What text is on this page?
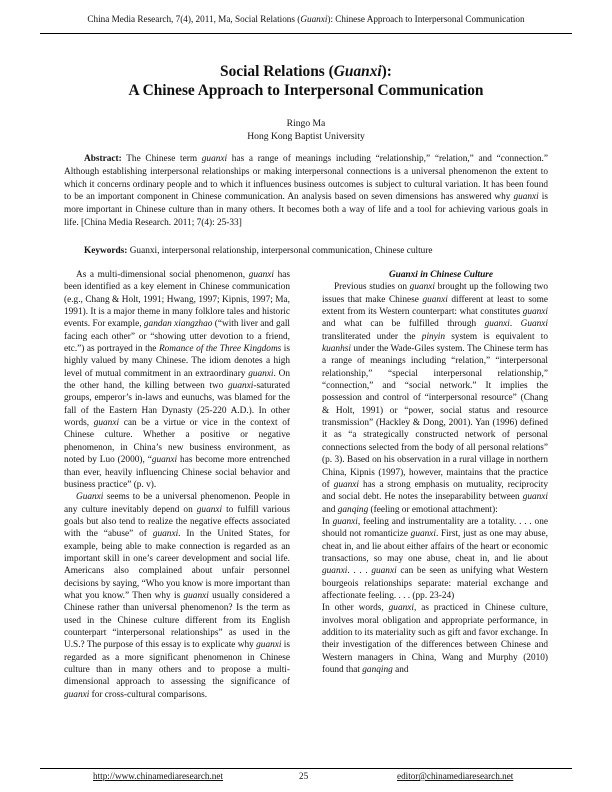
China Media Research, 7(4), 2011, Ma, Social Relations (Guanxi): Chinese Approach to Interpersonal Communication
Social Relations (Guanxi):
A Chinese Approach to Interpersonal Communication
Ringo Ma
Hong Kong Baptist University

Abstract: The Chinese term guanxi has a range of meanings including “relationship,” “relation,” and “connection.” Although establishing interpersonal relationships or making interpersonal connections is a universal phenomenon the extent to which it concerns ordinary people and to which it influences business outcomes is subject to cultural variation. It has been found to be an important component in Chinese communication. An analysis based on seven dimensions has answered why guanxi is more important in Chinese culture than in many others. It becomes both a way of life and a tool for achieving various goals in life. [China Media Research. 2011; 7(4): 25-33]

Keywords: Guanxi, interpersonal relationship, interpersonal communication, Chinese culture

As a multi-dimensional social phenomenon, guanxi has been identified as a key element in Chinese communication (e.g., Chang & Holt, 1991; Hwang, 1997; Kipnis, 1997; Ma, 1991). It is a major theme in many folklore tales and historic events. For example, gandan xiangzhao (“with liver and gall facing each other” or “showing utter devotion to a friend, etc.”) as portrayed in the Romance of the Three Kingdoms is highly valued by many Chinese. The idiom denotes a high level of mutual commitment in an extraordinary guanxi. On the other hand, the killing between two guanxi-saturated groups, emperor’s in-laws and eunuchs, was blamed for the fall of the Eastern Han Dynasty (25-220 A.D.). In other words, guanxi can be a virtue or vice in the context of Chinese culture. Whether a positive or negative phenomenon, in China’s new business environment, as noted by Luo (2000), “guanxi has become more entrenched than ever, heavily influencing Chinese social behavior and business practice” (p. v).

Guanxi seems to be a universal phenomenon. People in any culture inevitably depend on guanxi to fulfill various goals but also tend to realize the negative effects associated with the “abuse” of guanxi. In the United States, for example, being able to make connection is regarded as an important skill in one’s career development and social life. Americans also complained about unfair personnel decisions by saying, “Who you know is more important than what you know.” Then why is guanxi usually considered a Chinese rather than universal phenomenon? Is the term as used in the Chinese culture different from its English counterpart “interpersonal relationships” as used in the U.S.? The purpose of this essay is to explicate why guanxi is regarded as a more significant phenomenon in Chinese culture than in many others and to propose a multi-dimensional approach to assessing the significance of guanxi for cross-cultural comparisons.

Guanxi in Chinese Culture

Previous studies on guanxi brought up the following two issues that make Chinese guanxi different at least to some extent from its Western counterpart: what constitutes guanxi and what can be fulfilled through guanxi. Guanxi transliterated under the pinyin system is equivalent to kuanhsi under the Wade-Giles system. The Chinese term has a range of meanings including “relation,” “interpersonal relationship,” “special interpersonal relationship,” “connection,” and “social network.” It implies the possession and control of “interpersonal resource” (Chang & Holt, 1991) or “power, social status and resource transmission” (Hackley & Dong, 2001). Yan (1996) defined it as “a strategically constructed network of personal connections selected from the body of all personal relations” (p. 3). Based on his observation in a rural village in northern China, Kipnis (1997), however, maintains that the practice of guanxi has a strong emphasis on mutuality, reciprocity and social debt. He notes the inseparability between guanxi and ganqing (feeling or emotional attachment):

In guanxi, feeling and instrumentality are a totality. . . . one should not romanticize guanxi. First, just as one may abuse, cheat in, and lie about either affairs of the heart or economic transactions, so may one abuse, cheat in, and lie about guanxi. . . . guanxi can be seen as unifying what Western bourgeois relationships separate: material exchange and affectionate feeling. . . . (pp. 23-24)

In other words, guanxi, as practiced in Chinese culture, involves moral obligation and appropriate performance, in addition to its materiality such as gift and favor exchange. In their investigation of the differences between Chinese and Western managers in China, Wang and Murphy (2010) found that ganqing and

http://www.chinamediaresearch.net	25	editor@chinamediaresearch.net
